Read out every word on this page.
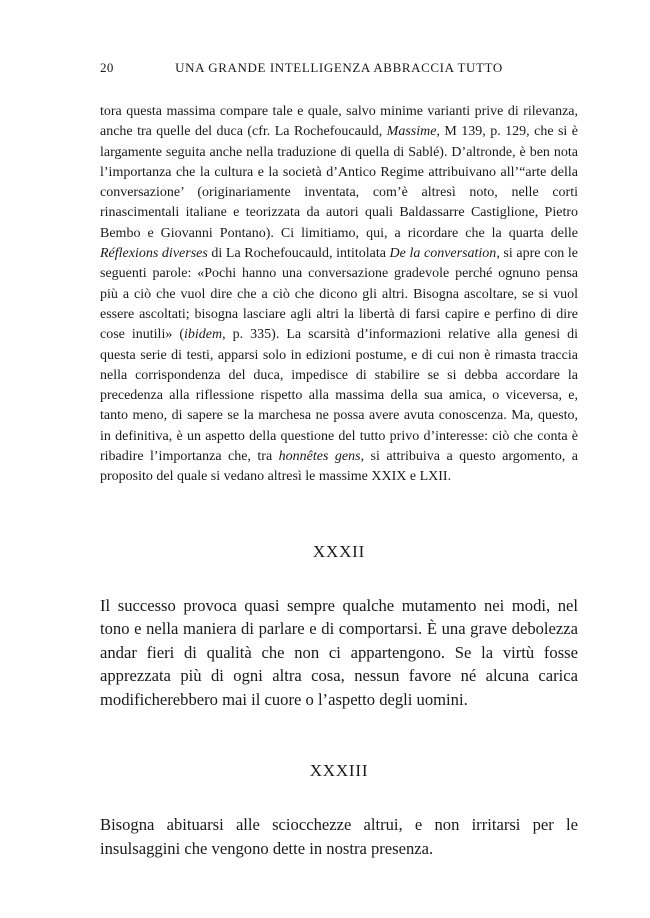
20	UNA GRANDE INTELLIGENZA ABBRACCIA TUTTO

tora questa massima compare tale e quale, salvo minime varianti prive di rilevanza, anche tra quelle del duca (cfr. La Rochefoucauld, Massime, M 139, p. 129, che si è largamente seguita anche nella traduzione di quella di Sablé). D’altronde, è ben nota l’importanza che la cultura e la società d’Antico Regime attribuivano all’“arte della conversazione’ (originariamente inventata, com’è altresì noto, nelle corti rinascimentali italiane e teorizzata da autori quali Baldassarre Castiglione, Pietro Bembo e Giovanni Pontano). Ci limitiamo, qui, a ricordare che la quarta delle Réflexions diverses di La Rochefoucauld, intitolata De la conversation, si apre con le seguenti parole: «Pochi hanno una conversazione gradevole perché ognuno pensa più a ciò che vuol dire che a ciò che dicono gli altri. Bisogna ascoltare, se si vuol essere ascoltati; bisogna lasciare agli altri la libertà di farsi capire e perfino di dire cose inutili» (ibidem, p. 335). La scarsità d’informazioni relative alla genesi di questa serie di testi, apparsi solo in edizioni postume, e di cui non è rimasta traccia nella corrispondenza del duca, impedisce di stabilire se si debba accordare la precedenza alla riflessione rispetto alla massima della sua amica, o viceversa, e, tanto meno, di sapere se la marchesa ne possa avere avuta conoscenza. Ma, questo, in definitiva, è un aspetto della questione del tutto privo d’interesse: ciò che conta è ribadire l’importanza che, tra honnêtes gens, si attribuiva a questo argomento, a proposito del quale si vedano altresì le massime XXIX e LXII.

XXXII

Il successo provoca quasi sempre qualche mutamento nei modi, nel tono e nella maniera di parlare e di comportarsi. È una grave debolezza andar fieri di qualità che non ci appartengono. Se la virtù fosse apprezzata più di ogni altra cosa, nessun favore né alcuna carica modificherebbero mai il cuore o l’aspetto degli uomini.

XXXIII

Bisogna abituarsi alle sciocchezze altrui, e non irritarsi per le insulsaggini che vengono dette in nostra presenza.
